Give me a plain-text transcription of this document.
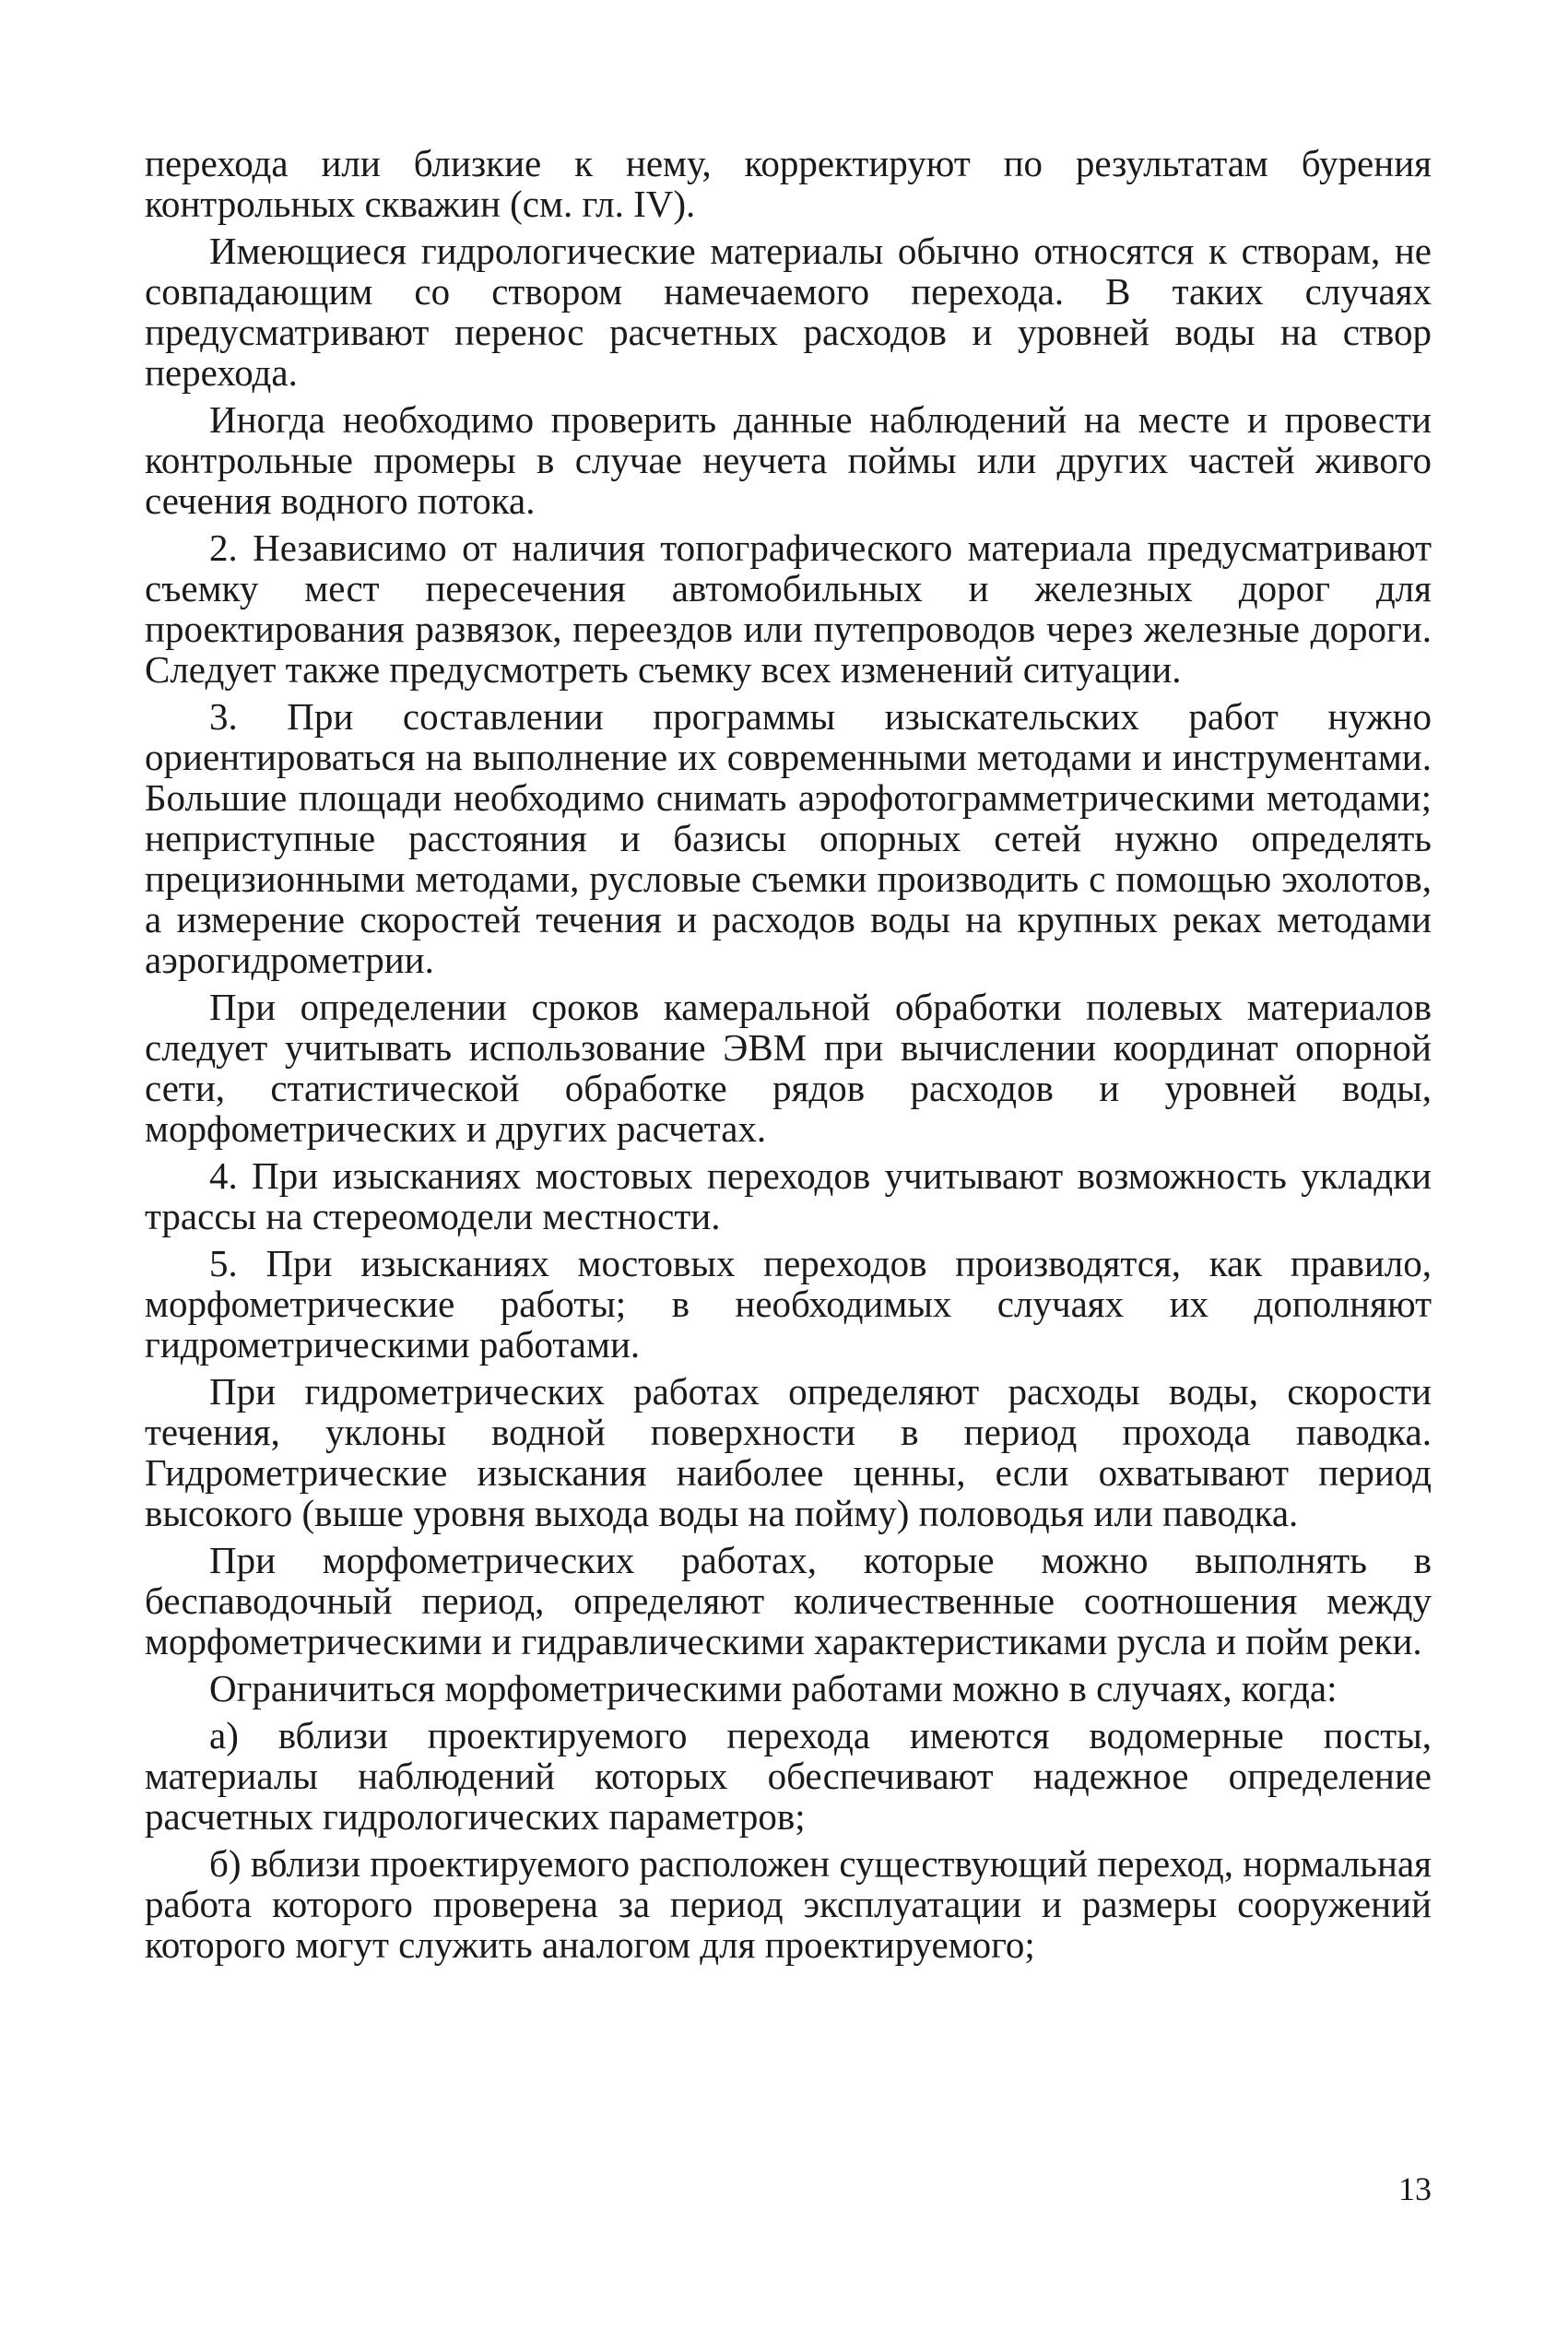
перехода или близкие к нему, корректируют по результатам бурения контрольных скважин (см. гл. IV).

Имеющиеся гидрологические материалы обычно относятся к створам, не совпадающим со створом намечаемого перехода. В таких случаях предусматривают перенос расчетных расходов и уровней воды на створ перехода.

Иногда необходимо проверить данные наблюдений на месте и провести контрольные промеры в случае неучета поймы или других частей живого сечения водного потока.

2. Независимо от наличия топографического материала предусматривают съемку мест пересечения автомобильных и железных дорог для проектирования развязок, переездов или путепроводов через железные дороги. Следует также предусмотреть съемку всех изменений ситуации.

3. При составлении программы изыскательских работ нужно ориентироваться на выполнение их современными методами и инструментами. Большие площади необходимо снимать аэрофотограмметрическими методами; неприступные расстояния и базисы опорных сетей нужно определять прецизионными методами, русловые съемки производить с помощью эхолотов, а измерение скоростей течения и расходов воды на крупных реках методами аэрогидрометрии.

При определении сроков камеральной обработки полевых материалов следует учитывать использование ЭВМ при вычислении координат опорной сети, статистической обработке рядов расходов и уровней воды, морфометрических и других расчетах.

4. При изысканиях мостовых переходов учитывают возможность укладки трассы на стереомодели местности.

5. При изысканиях мостовых переходов производятся, как правило, морфометрические работы; в необходимых случаях их дополняют гидрометрическими работами.

При гидрометрических работах определяют расходы воды, скорости течения, уклоны водной поверхности в период прохода паводка. Гидрометрические изыскания наиболее ценны, если охватывают период высокого (выше уровня выхода воды на пойму) половодья или паводка.

При морфометрических работах, которые можно выполнять в беспаводочный период, определяют количественные соотношения между морфометрическими и гидравлическими характеристиками русла и пойм реки.

Ограничиться морфометрическими работами можно в случаях, когда:

а) вблизи проектируемого перехода имеются водомерные посты, материалы наблюдений которых обеспечивают надежное определение расчетных гидрологических параметров;

б) вблизи проектируемого расположен существующий переход, нормальная работа которого проверена за период эксплуатации и размеры сооружений которого могут служить аналогом для проектируемого;

13
